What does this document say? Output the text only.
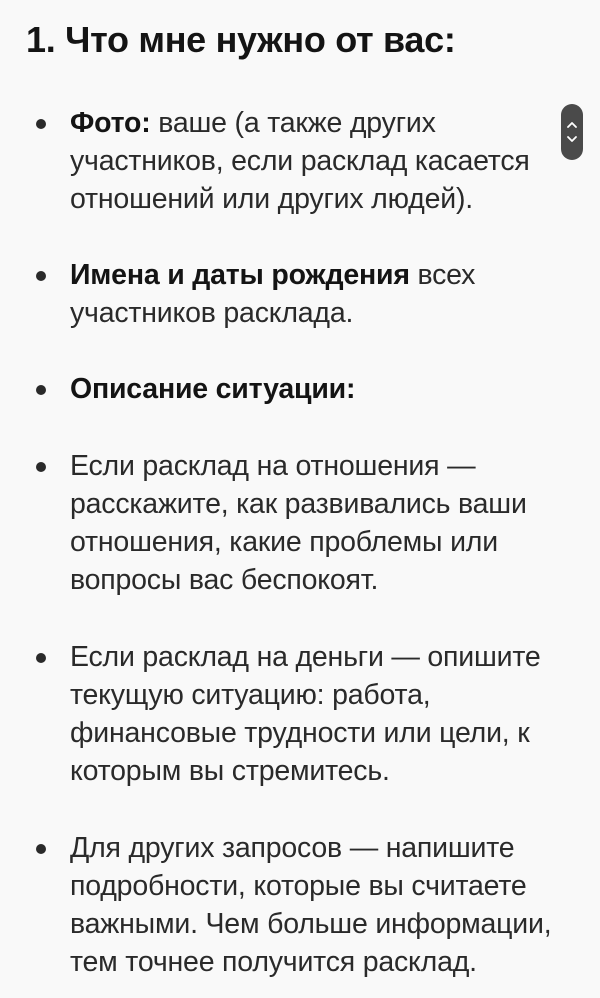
1. Что мне нужно от вас:
Фото: ваше (а также других участников, если расклад касается отношений или других людей).
Имена и даты рождения всех участников расклада.
Описание ситуации:
Если расклад на отношения — расскажите, как развивались ваши отношения, какие проблемы или вопросы вас беспокоят.
Если расклад на деньги — опишите текущую ситуацию: работа, финансовые трудности или цели, к которым вы стремитесь.
Для других запросов — напишите подробности, которые вы считаете важными. Чем больше информации, тем точнее получится расклад.
